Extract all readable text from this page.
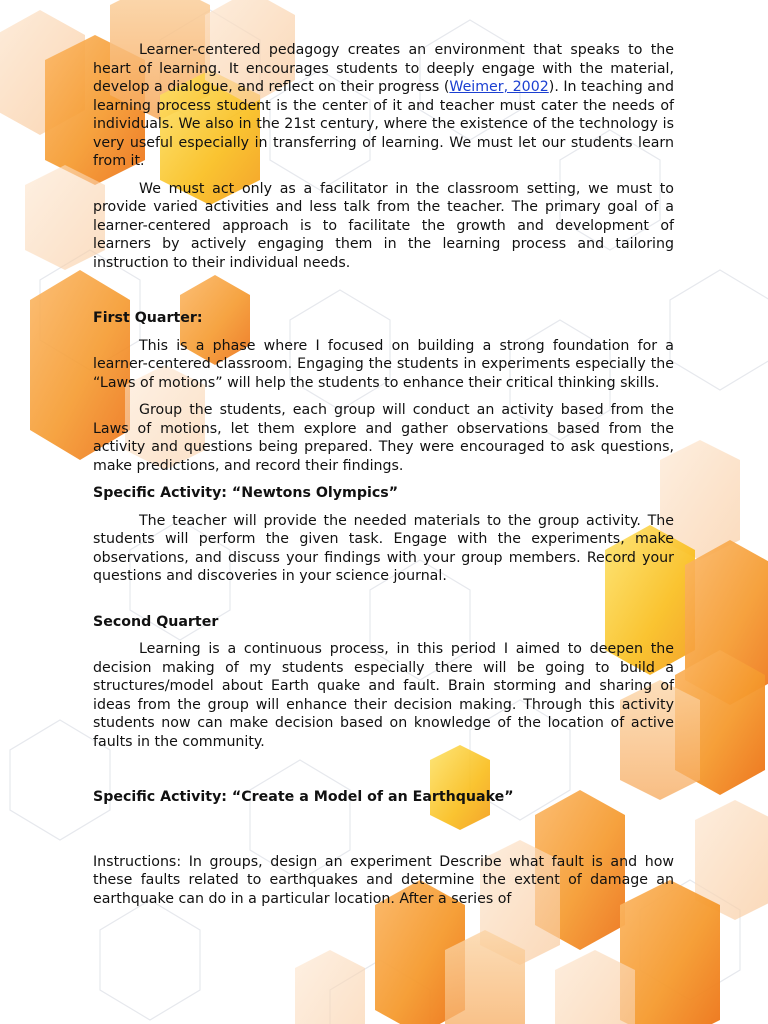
Learner-centered pedagogy creates an environment that speaks to the heart of learning. It encourages students to deeply engage with the material, develop a dialogue, and reflect on their progress (Weimer, 2002). In teaching and learning process student is the center of it and teacher must cater the needs of individuals. We also in the 21st century, where the existence of the technology is very useful especially in transferring of learning. We must let our students learn from it.

We must act only as a facilitator in the classroom setting, we must to provide varied activities and less talk from the teacher. The primary goal of a learner-centered approach is to facilitate the growth and development of learners by actively engaging them in the learning process and tailoring instruction to their individual needs.

First Quarter:

This is a phase where I focused on building a strong foundation for a learner-centered classroom. Engaging the students in experiments especially the “Laws of motions” will help the students to enhance their critical thinking skills.

Group the students, each group will conduct an activity based from the Laws of motions, let them explore and gather observations based from the activity and questions being prepared. They were encouraged to ask questions, make predictions, and record their findings.

Specific Activity: “Newtons Olympics”

The teacher will provide the needed materials to the group activity. The students will perform the given task. Engage with the experiments, make observations, and discuss your findings with your group members. Record your questions and discoveries in your science journal.

Second Quarter

Learning is a continuous process, in this period I aimed to deepen the decision making of my students especially there will be going to build a structures/model about Earth quake and fault. Brain storming and sharing of ideas from the group will enhance their decision making. Through this activity students now can make decision based on knowledge of the location of active faults in the community.

Specific Activity: “Create a Model of an Earthquake”

Instructions: In groups, design an experiment Describe what fault is and how these faults related to earthquakes and determine the extent of damage an earthquake can do in a particular location. After a series of
